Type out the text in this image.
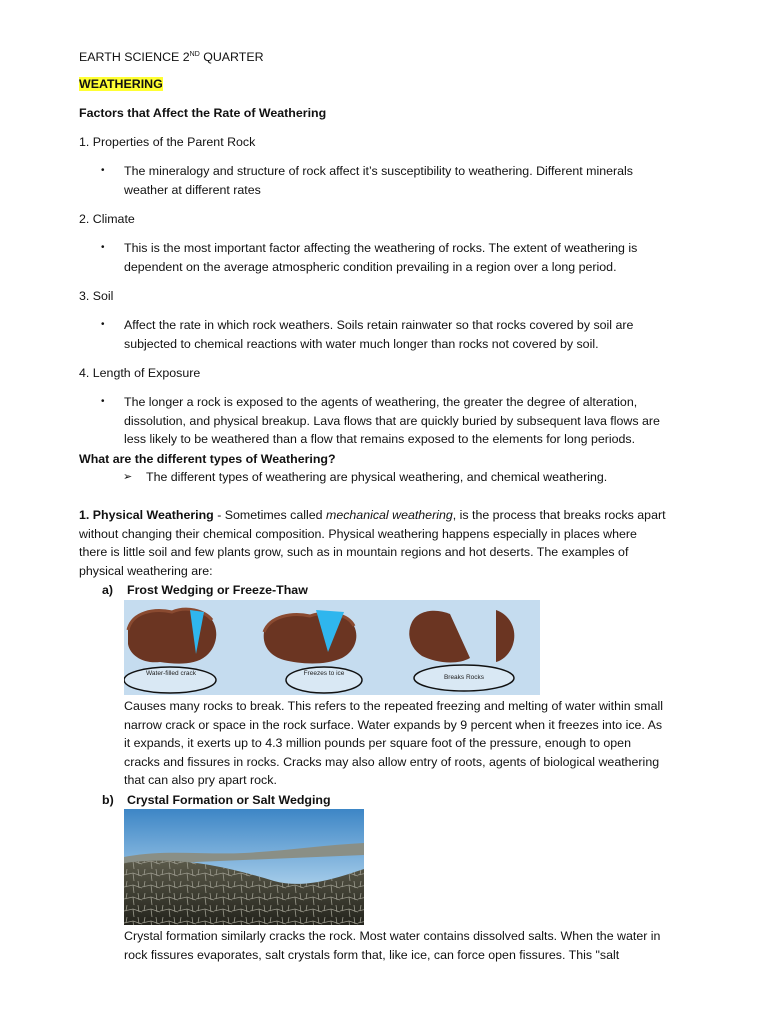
EARTH SCIENCE 2ND QUARTER
WEATHERING
Factors that Affect the Rate of Weathering
1. Properties of the Parent Rock
• The mineralogy and structure of rock affect it’s susceptibility to weathering. Different minerals
weather at different rates
2. Climate
• This is the most important factor affecting the weathering of rocks. The extent of weathering is
dependent on the average atmospheric condition prevailing in a region over a long period.
3. Soil
• Affect the rate in which rock weathers. Soils retain rainwater so that rocks covered by soil are
subjected to chemical reactions with water much longer than rocks not covered by soil.
4. Length of Exposure
• The longer a rock is exposed to the agents of weathering, the greater the degree of alteration,
dissolution, and physical breakup. Lava flows that are quickly buried by subsequent lava flows are
less likely to be weathered than a flow that remains exposed to the elements for long periods.
What are the different types of Weathering?
➢ The different types of weathering are physical weathering, and chemical weathering.
1. Physical Weathering - Sometimes called mechanical weathering, is the process that breaks rocks apart
without changing their chemical composition. Physical weathering happens especially in places where
there is little soil and few plants grow, such as in mountain regions and hot deserts. The examples of
physical weathering are:
a) Frost Wedging or Freeze-Thaw
Water-filled crack	Freezes to ice
Breaks Rocks
Causes many rocks to break. This refers to the repeated freezing and melting of water within small
narrow crack or space in the rock surface. Water expands by 9 percent when it freezes into ice. As
it expands, it exerts up to 4.3 million pounds per square foot of the pressure, enough to open
cracks and fissures in rocks. Cracks may also allow entry of roots, agents of biological weathering
that can also pry apart rock.
b) Crystal Formation or Salt Wedging
Crystal formation similarly cracks the rock. Most water contains dissolved salts. When the water in
rock fissures evaporates, salt crystals form that, like ice, can force open fissures. This "salt
